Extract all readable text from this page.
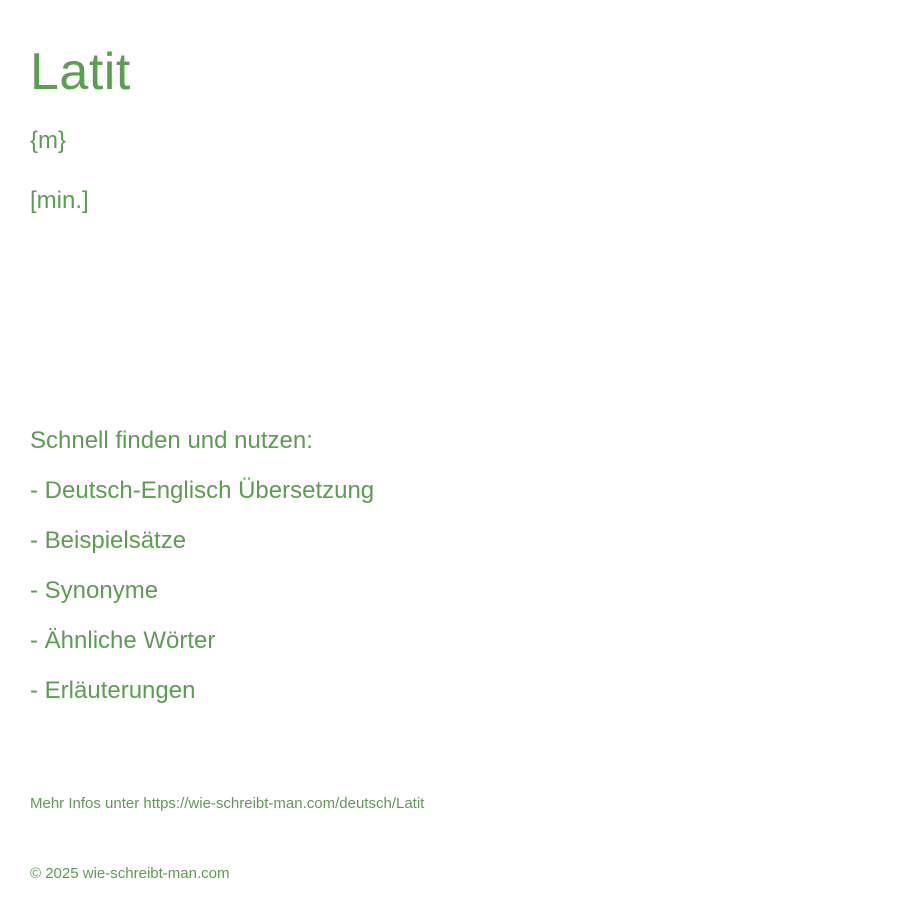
Latit
{m}
[min.]
Schnell finden und nutzen:
- Deutsch-Englisch Übersetzung
- Beispielsätze
- Synonyme
- Ähnliche Wörter
- Erläuterungen
Mehr Infos unter https://wie-schreibt-man.com/deutsch/Latit
© 2025 wie-schreibt-man.com
